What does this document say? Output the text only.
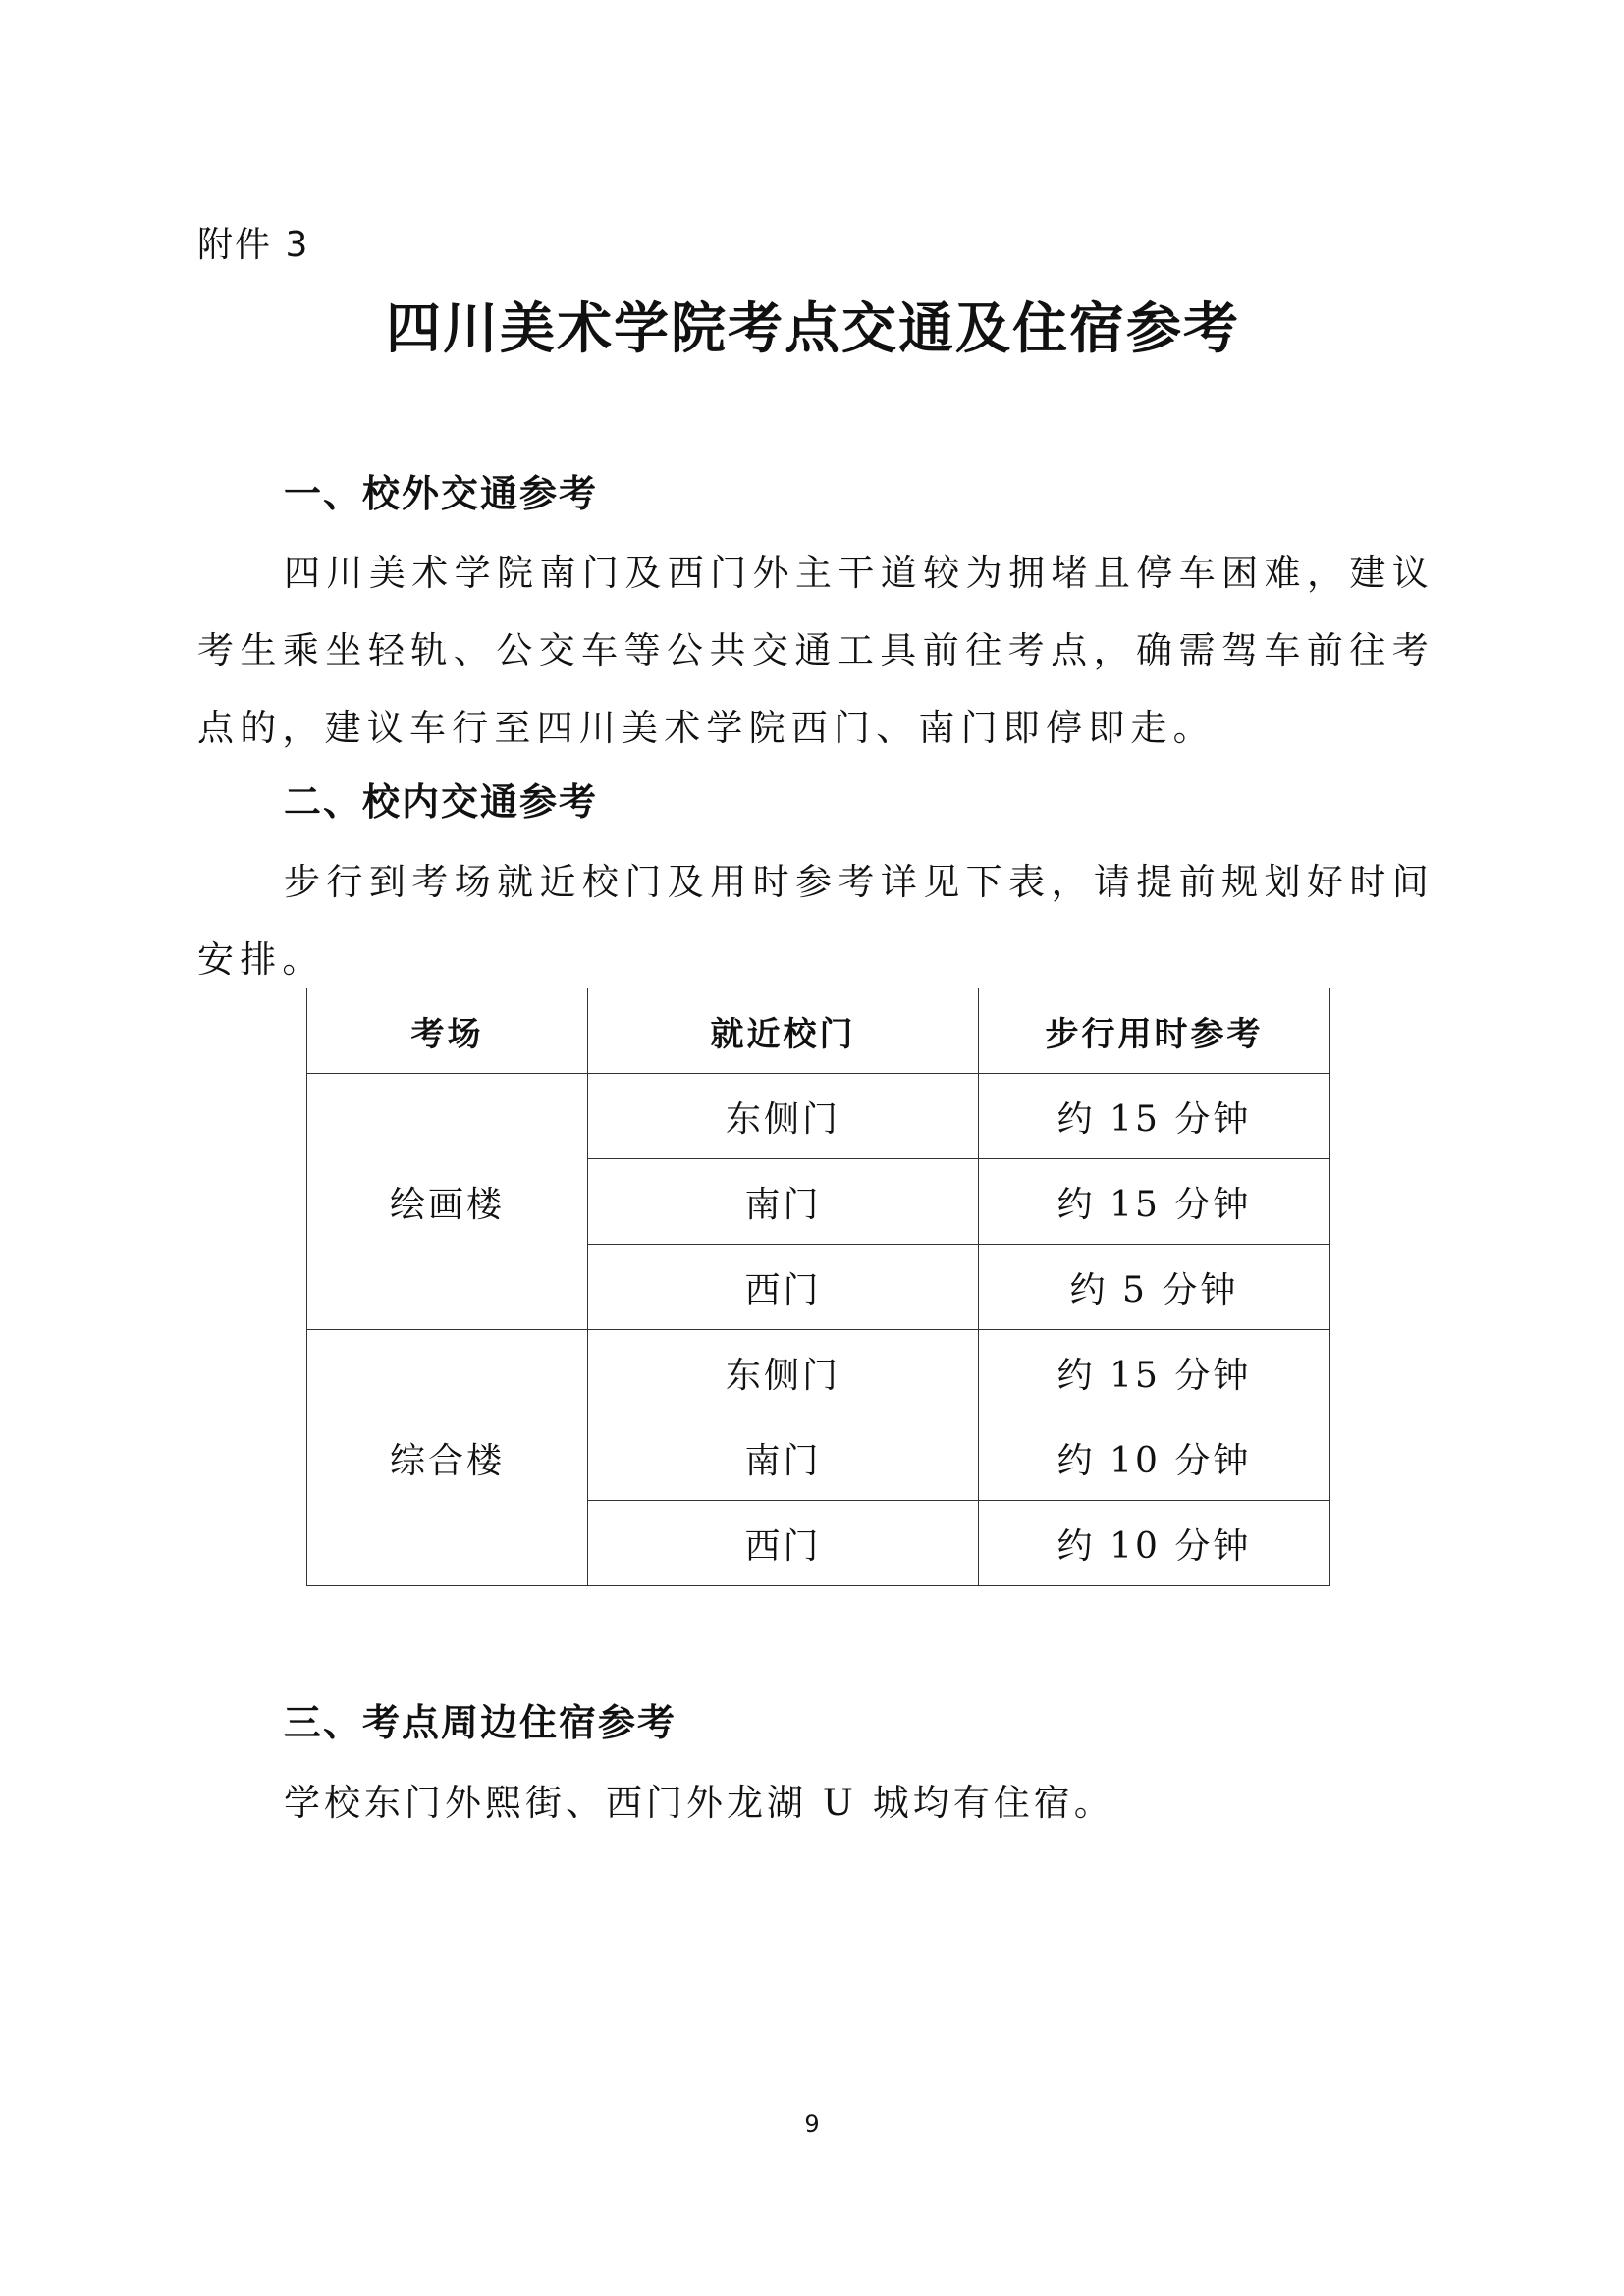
附件 3
四川美术学院考点交通及住宿参考
一、校外交通参考

四川美术学院南门及西门外主干道较为拥堵且停车困难，建议考生乘坐轻轨、公交车等公共交通工具前往考点，确需驾车前往考点的，建议车行至四川美术学院西门、南门即停即走。

二、校内交通参考

步行到考场就近校门及用时参考详见下表，请提前规划好时间安排。

考场	就近校门	步行用时参考
绘画楼	东侧门	约 15 分钟
	南门	约 15 分钟
	西门	约 5 分钟
综合楼	东侧门	约 15 分钟
	南门	约 10 分钟
	西门	约 10 分钟
三、考点周边住宿参考

学校东门外熙街、西门外龙湖 U 城均有住宿。

9
